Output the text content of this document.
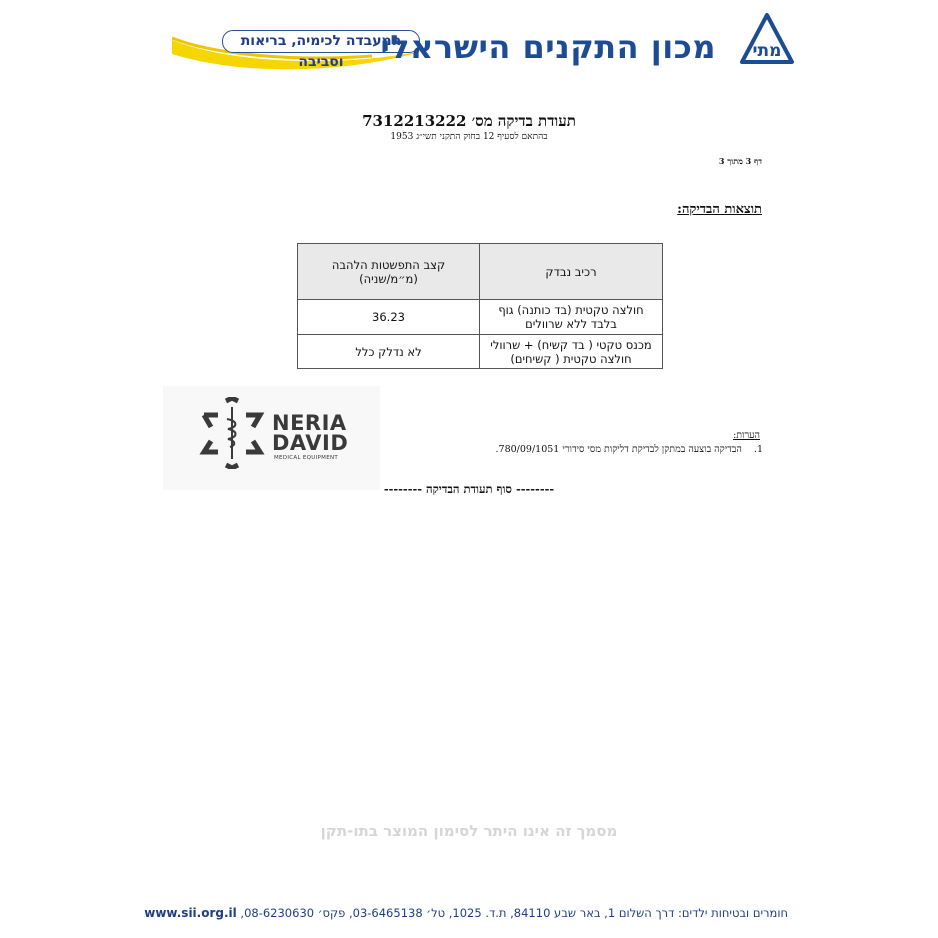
המעבדה לכימיה, בריאות וסביבה	מכון התקנים הישראלי מתי
תעודת בדיקה מס׳ 7312213222
בהתאם לסעיף 12 בחוק התקני תשי״ג 1953
דף 3 מתוך 3
תוצאות הבדיקה:
רכיב נבדק	קצב התפשטות הלהבה (מ״מ/שניה)
חולצה טקטית (בד כותנה) גוף בלבד ללא שרוולים	36.23
מכנס טקטי ( בד קשיח) + שרוולי חולצה טקטית ( קשיחים)	לא נדלק כלל
NERIA
DAVID
MEDICAL EQUIPMENT
הערות:
1.    הבדיקה בוצעה במתקן לבדיקת דליקות מסי סידורי 780/09/1051.
-------- סוף תעודת הבדיקה --------
מסמך זה אינו היתר לסימון המוצר בתו-תקן
חומרים ובטיחות ילדים: דרך השלום 1, באר שבע 84110, ת.ד. 1025, טל׳ 03-6465138, פקס׳ 08-6230630, www.sii.org.il
